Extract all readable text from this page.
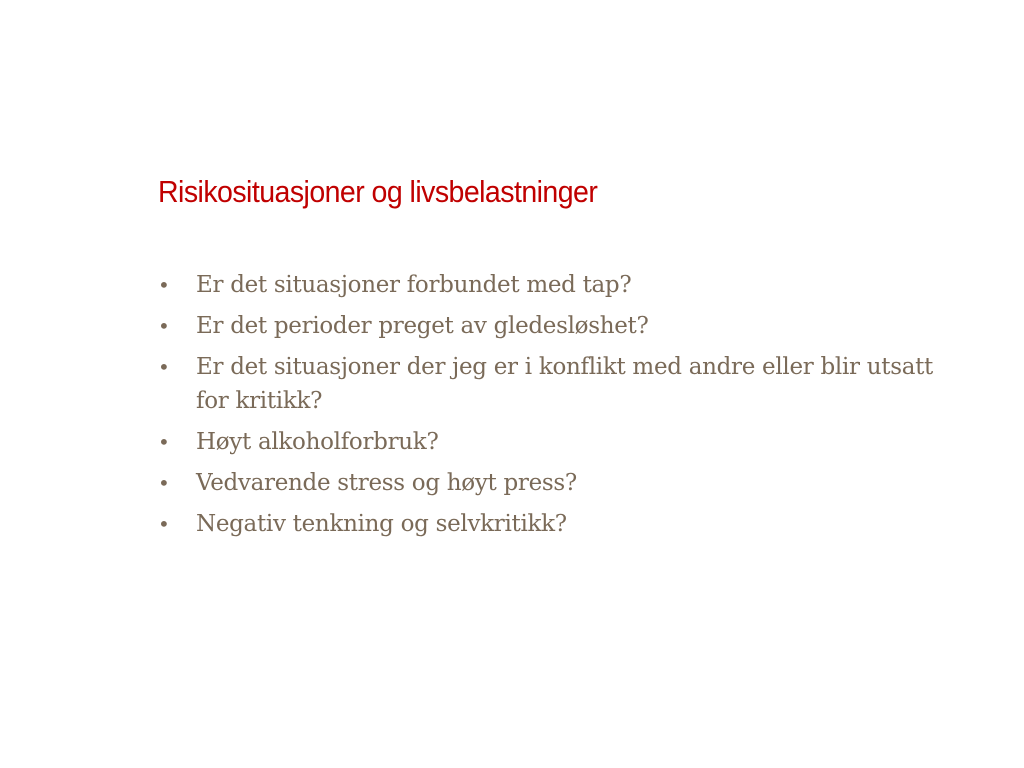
Risikosituasjoner og livsbelastninger
•	Er det situasjoner forbundet med tap?
•	Er det perioder preget av gledesløshet?
•	Er det situasjoner der jeg er i konflikt med andre eller blir utsatt for kritikk?
•	Høyt alkoholforbruk?
•	Vedvarende stress og høyt press?
•	Negativ tenkning og selvkritikk?
